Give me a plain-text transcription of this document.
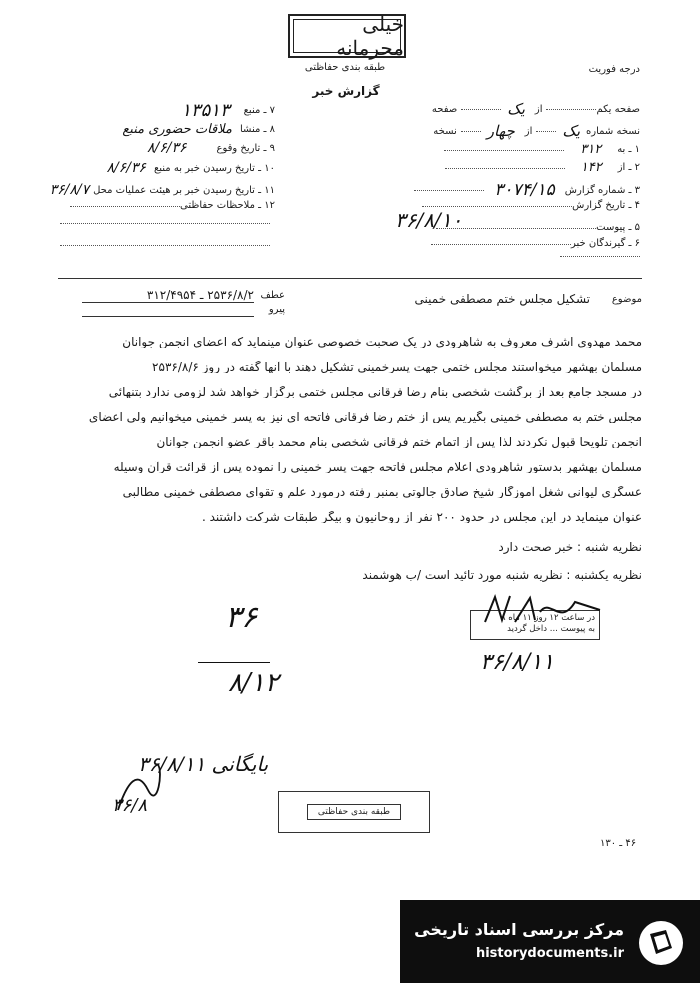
خیلی محرمانه
طبقه بندی حفاظتی
گزارش خبر
درجه فوریت
صفحه یکم
از
یک
صفحه
نسخه شماره
یک
از
چهار
نسخه
۱ ـ به
۳۱۲
۲ ـ از
۱۴۲
۳ ـ شماره گزارش
۳۰۷۴/۱۵
۴ ـ تاریخ گزارش
۳۶/۸/۱۰	۵ ـ پیوست
۶ ـ گیرندگان خبر
۷ ـ منبع
۱۳۵۱۳
۸ ـ منشا
ملاقات حضوری منبع
۹ ـ تاریخ وقوع
۸/۶/۳۶
۱۰ ـ تاریخ رسیدن خبر به منبع
۸/۶/۳۶
۱۱ ـ تاریخ رسیدن خبر بر هیئت عملیات محل
۳۶/۸/۷
۱۲ ـ ملاحظات حفاظتی
موضوع
تشکیل مجلس ختم مصطفی خمینی
عطف
پیرو
۲۵۳۶/۸/۲ ـ ۳۱۲/۴۹۵۴
محمد مهدوی اشرف معروف به شاهرودی در یک صحبت خصوصی عنوان مینماید که اعضای انجمن جوانان
مسلمان بهشهر میخواستند مجلس ختمی جهت پسرخمینی تشکیل دهند با آنها گفته در روز ۲۵۳۶/۸/۶
در مسجد جامع بعد از برگشت شخصی بنام رضا فرقانی مجلس ختمی برگزار خواهد شد لزومی ندارد بتنهائی
مجلس ختم به مصطفی خمینی بگیریم پس از ختم رضا فرقانی فاتحه ای نیز به پسر خمینی میخوانیم ولی اعضای
انجمن تلویحا قبول نکردند لذا پس از اتمام ختم فرقانی شخصی بنام محمد باقر عضو انجمن جوانان
مسلمان بهشهر بدستور شاهرودی اعلام مجلس فاتحه جهت پسر خمینی را نموده پس از قرائت قرآن وسیله
عسگری لیوانی شغل آموزگار شیخ صادق جالوتی بمنبر رفته درمورد علم و تقوای مصطفی خمینی مطالبی
عنوان مینماید در این مجلس در حدود ۲۰۰ نفر از روحانیون و بیگر طبقات شرکت داشتند .
نظریه شنبه : خبر صحت دارد
نظریه یکشنبه : نظریه شنبه مورد تائید است /ب هوشمند
در ساعت ۱۲ روز ۱۱ ماه ۸
به پیوست ... داخل گردید
۳۶/۸/۱۱
۳۶
۸/۱۲
بایگانی ۳۶/۸/۱۱
۳۶/۸	طبقه بندی حفاظتی
۴۶ ـ ۱۳۰
مرکز بررسی اسناد تاریخی
historydocuments.ir
